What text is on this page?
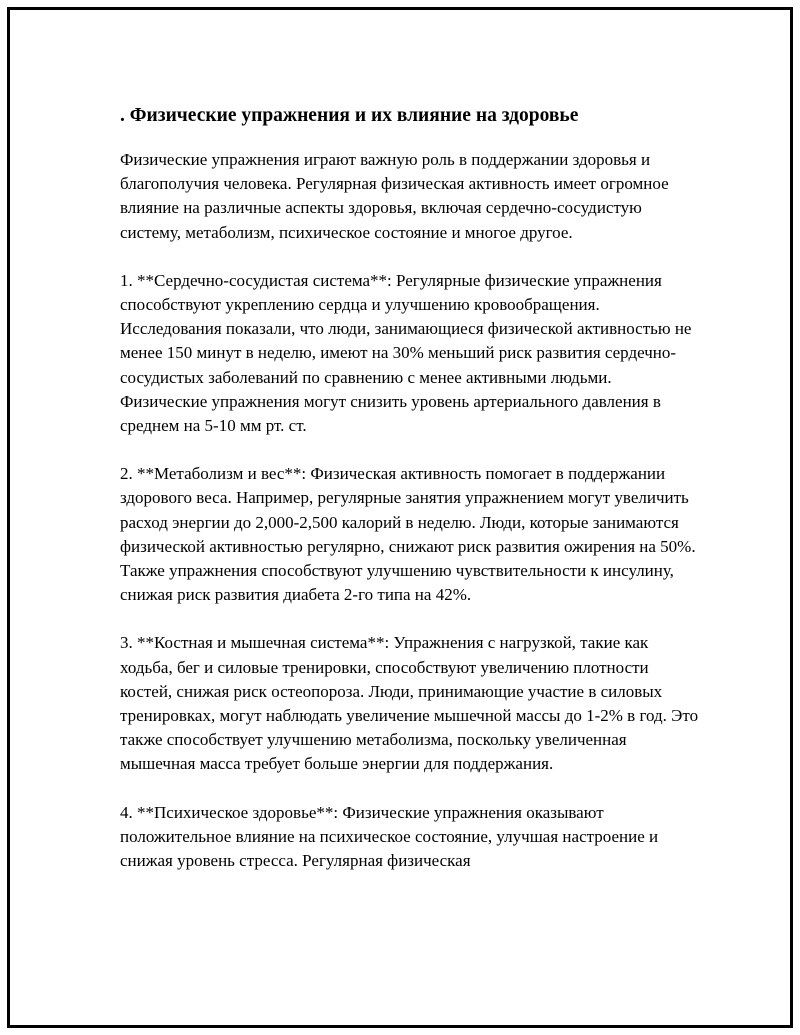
. Физические упражнения и их влияние на здоровье

Физические упражнения играют важную роль в поддержании здоровья и благополучия человека. Регулярная физическая активность имеет огромное влияние на различные аспекты здоровья, включая сердечно-сосудистую систему, метаболизм, психическое состояние и многое другое.

1. **Сердечно-сосудистая система**: Регулярные физические упражнения способствуют укреплению сердца и улучшению кровообращения. Исследования показали, что люди, занимающиеся физической активностью не менее 150 минут в неделю, имеют на 30% меньший риск развития сердечно-сосудистых заболеваний по сравнению с менее активными людьми. Физические упражнения могут снизить уровень артериального давления в среднем на 5-10 мм рт. ст.

2. **Метаболизм и вес**: Физическая активность помогает в поддержании здорового веса. Например, регулярные занятия упражнением могут увеличить расход энергии до 2,000-2,500 калорий в неделю. Люди, которые занимаются физической активностью регулярно, снижают риск развития ожирения на 50%. Также упражнения способствуют улучшению чувствительности к инсулину, снижая риск развития диабета 2-го типа на 42%.

3. **Костная и мышечная система**: Упражнения с нагрузкой, такие как ходьба, бег и силовые тренировки, способствуют увеличению плотности костей, снижая риск остеопороза. Люди, принимающие участие в силовых тренировках, могут наблюдать увеличение мышечной массы до 1-2% в год. Это также способствует улучшению метаболизма, поскольку увеличенная мышечная масса требует больше энергии для поддержания.

4. **Психическое здоровье**: Физические упражнения оказывают положительное влияние на психическое состояние, улучшая настроение и снижая уровень стресса. Регулярная физическая
